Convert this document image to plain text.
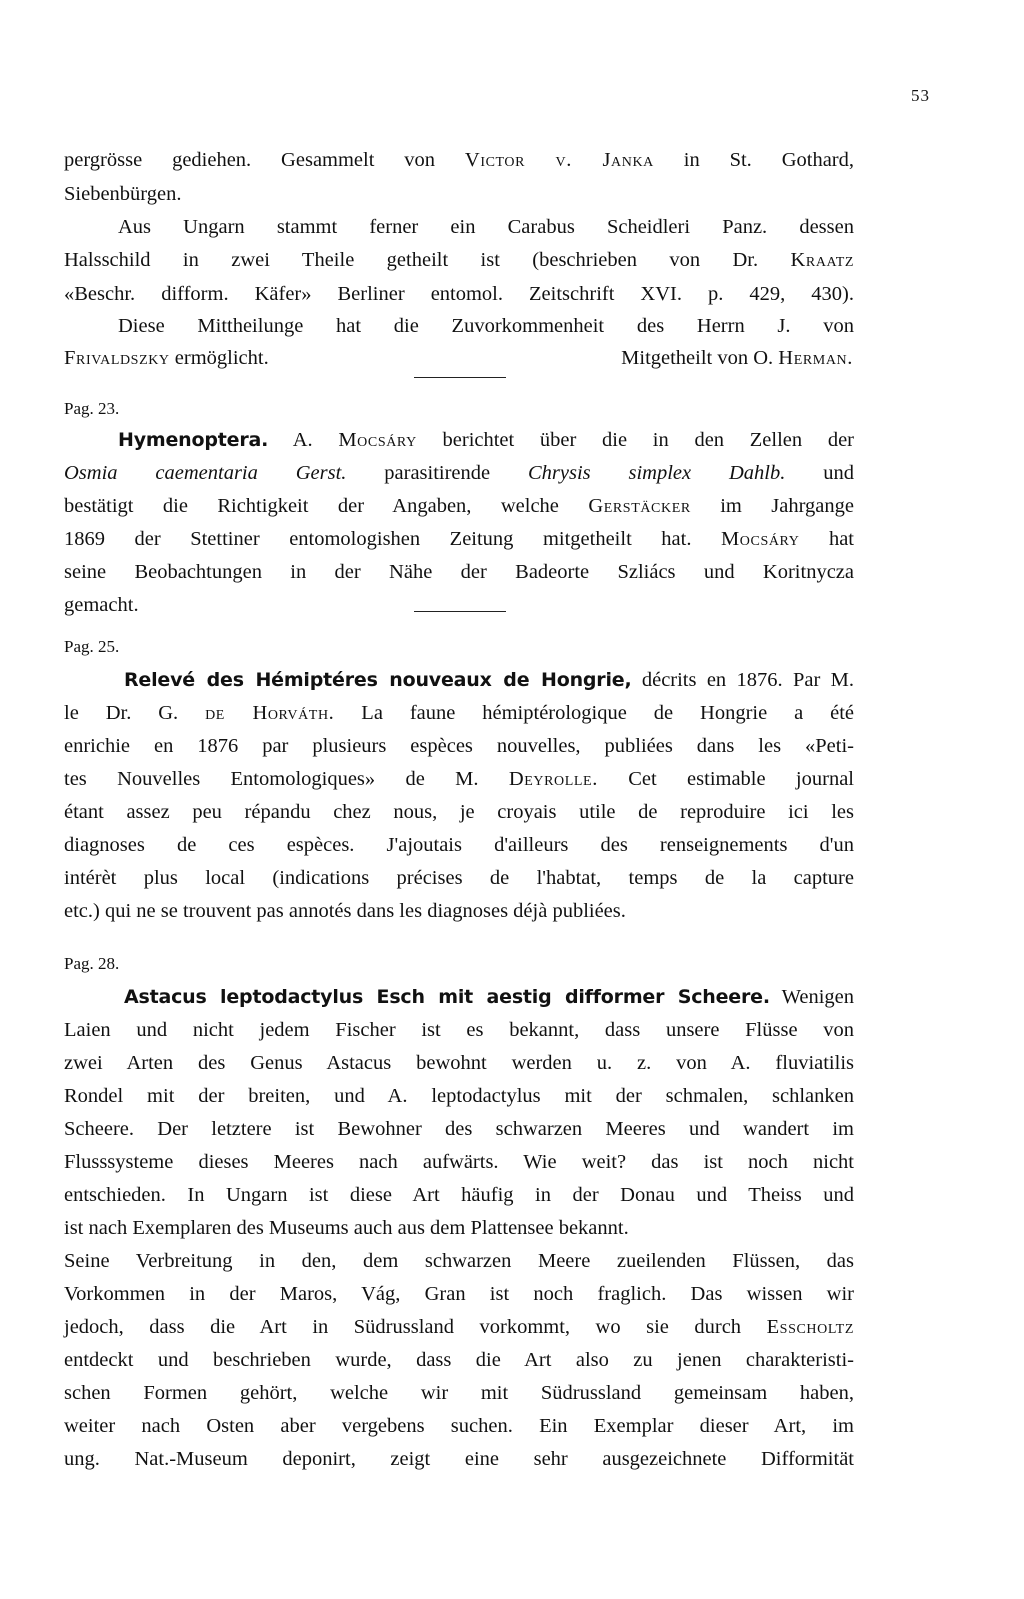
53
pergrösse gediehen. Gesammelt von Victor v. Janka in St. Gothard,
Siebenbürgen.
Aus Ungarn stammt ferner ein Carabus Scheidleri Panz. dessen
Halsschild in zwei Theile getheilt ist (beschrieben von Dr. Kraatz
«Beschr. difform. Käfer» Berliner entomol. Zeitschrift XVI. p. 429, 430).
Diese Mittheilunge hat die Zuvorkommenheit des Herrn J. von
Frivaldszky ermöglicht.	Mitgetheilt von O. Herman.
Pag. 23.
Hymenoptera. A. Mocsáry berichtet über die in den Zellen der
Osmia caementaria Gerst. parasitirende Chrysis simplex Dahlb. und
bestätigt die Richtigkeit der Angaben, welche Gerstäcker im Jahrgange
1869 der Stettiner entomologishen Zeitung mitgetheilt hat. Mocsáry hat
seine Beobachtungen in der Nähe der Badeorte Szliács und Koritnycza
gemacht.
Pag. 25.
Relevé des Hémiptéres nouveaux de Hongrie, décrits en 1876. Par M.
le Dr. G. de Horváth. La faune hémiptérologique de Hongrie a été
enrichie en 1876 par plusieurs espèces nouvelles, publiées dans les «Peti-
tes Nouvelles Entomologiques» de M. Deyrolle. Cet estimable journal
étant assez peu répandu chez nous, je croyais utile de reproduire ici les
diagnoses de ces espèces. J'ajoutais d'ailleurs des renseignements d'un
intérèt plus local (indications précises de l'habtat, temps de la capture
etc.) qui ne se trouvent pas annotés dans les diagnoses déjà publiées.
Pag. 28.
Astacus leptodactylus Esch mit aestig difformer Scheere. Wenigen
Laien und nicht jedem Fischer ist es bekannt, dass unsere Flüsse von
zwei Arten des Genus Astacus bewohnt werden u. z. von A. fluviatilis
Rondel mit der breiten, und A. leptodactylus mit der schmalen, schlanken
Scheere. Der letztere ist Bewohner des schwarzen Meeres und wandert im
Flusssysteme dieses Meeres nach aufwärts. Wie weit? das ist noch nicht
entschieden. In Ungarn ist diese Art häufig in der Donau und Theiss und
ist nach Exemplaren des Museums auch aus dem Plattensee bekannt.
Seine Verbreitung in den, dem schwarzen Meere zueilenden Flüssen, das
Vorkommen in der Maros, Vág, Gran ist noch fraglich. Das wissen wir
jedoch, dass die Art in Südrussland vorkommt, wo sie durch Esscholtz
entdeckt und beschrieben wurde, dass die Art also zu jenen charakteristi-
schen Formen gehört, welche wir mit Südrussland gemeinsam haben,
weiter nach Osten aber vergebens suchen. Ein Exemplar dieser Art, im
ung. Nat.-Museum deponirt, zeigt eine sehr ausgezeichnete Difformität
